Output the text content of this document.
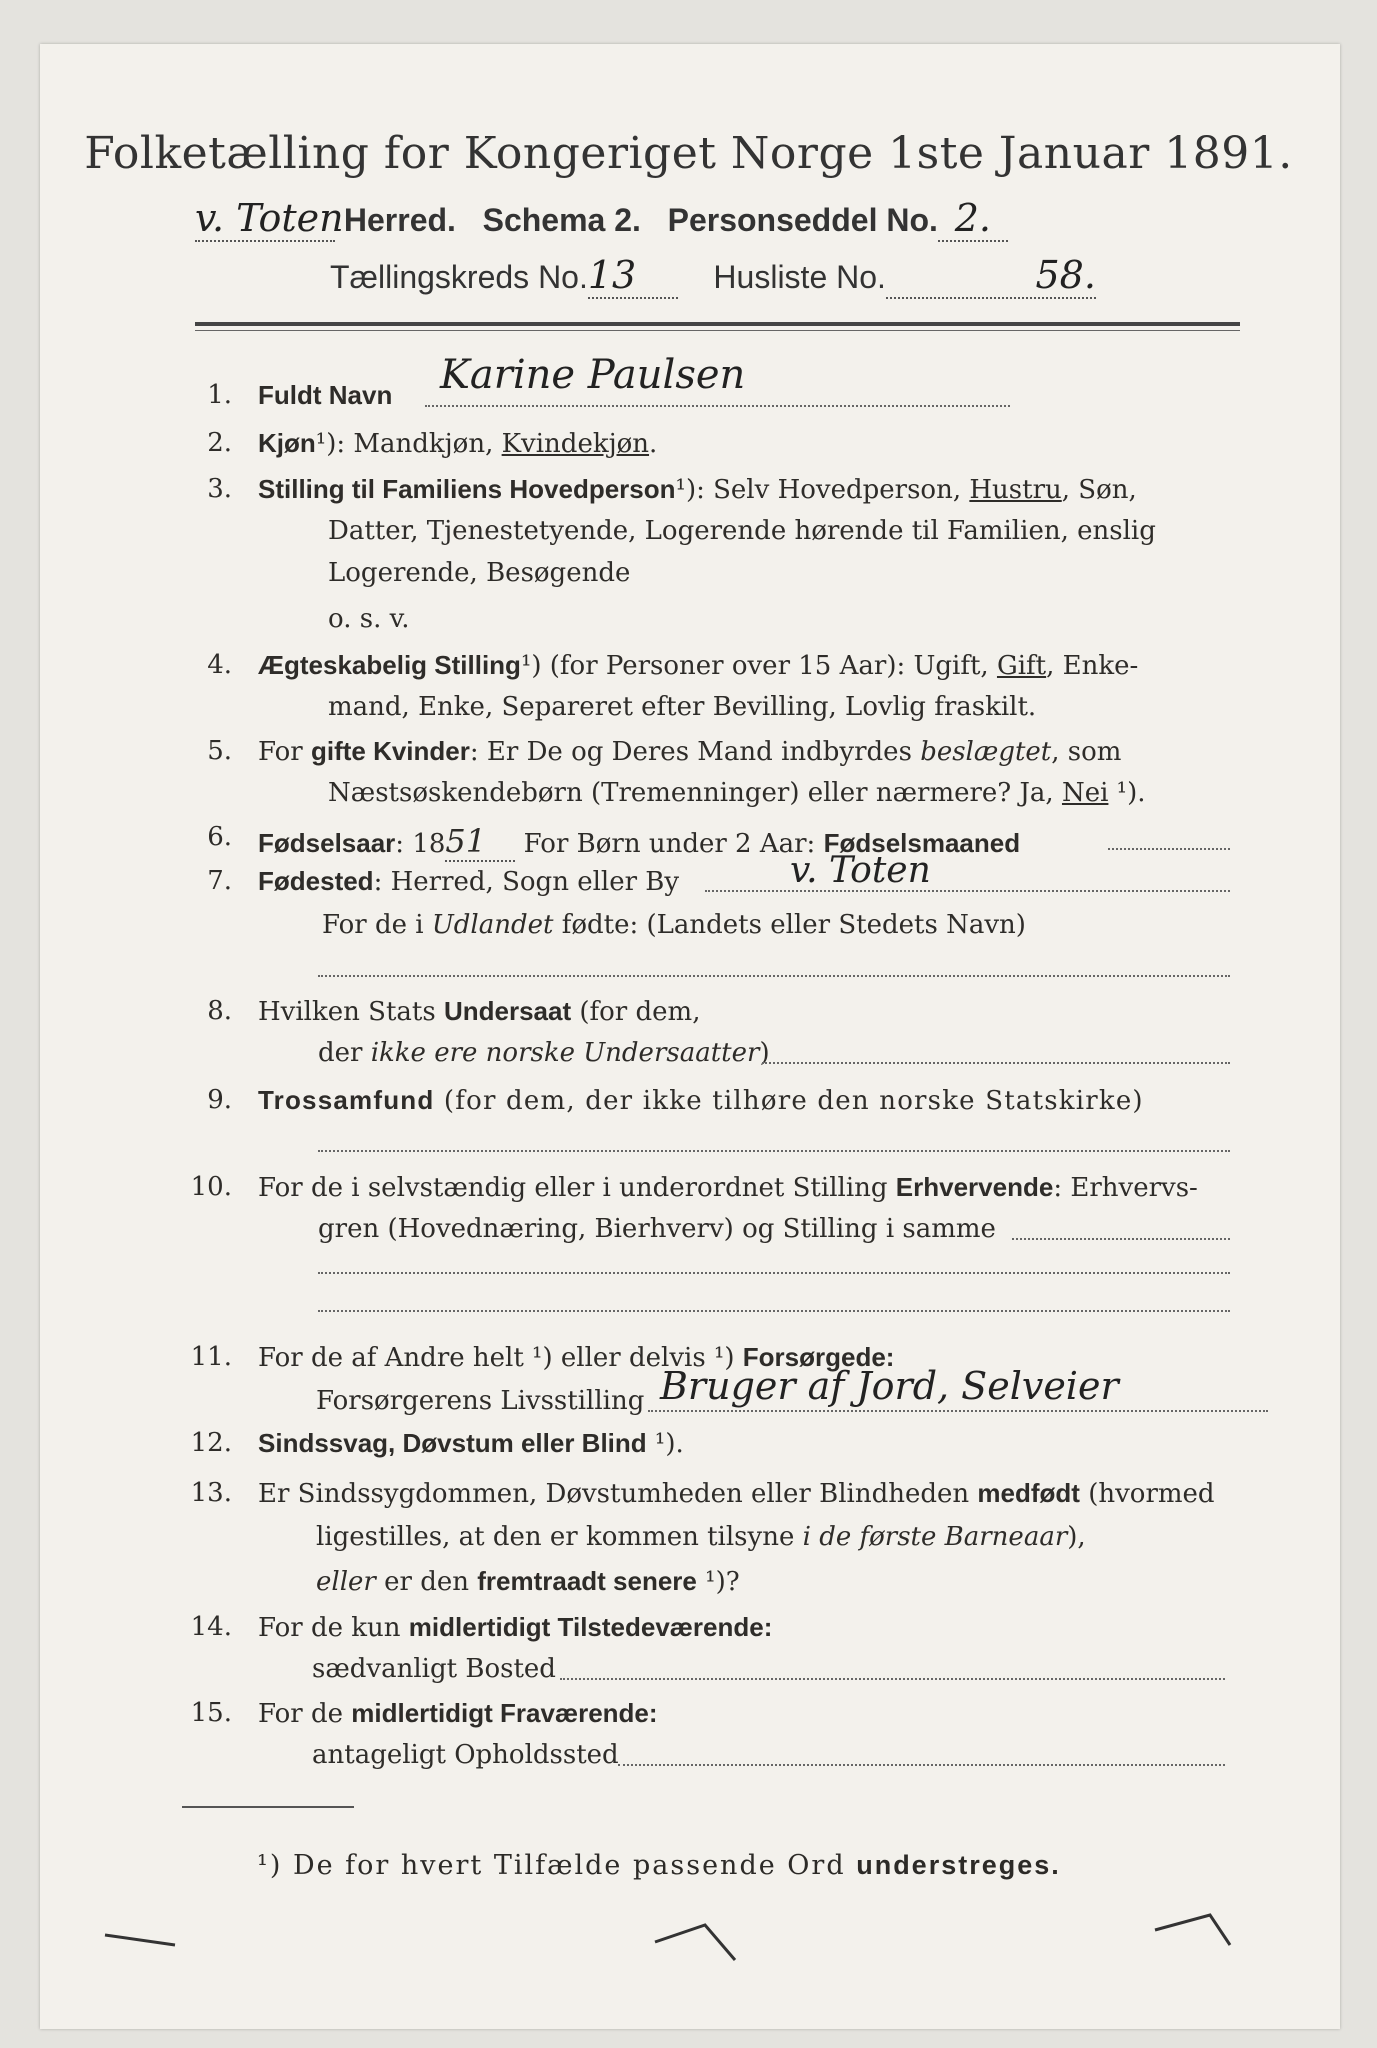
Folketælling for Kongeriget Norge 1ste Januar 1891.
v. Toten Herred. Schema 2. Personseddel No. 2.
Tællingskreds No.13 Husliste No.	58.
1. Fuldt Navn Karine Paulsen
2. Kjøn¹): Mandkjøn, Kvindekjøn.
3. Stilling til Familiens Hovedperson¹): Selv Hovedperson, Hustru, Søn,
Datter, Tjenestetyende, Logerende hørende til Familien, enslig
Logerende, Besøgende
o. s. v.
4. Ægteskabelig Stilling¹) (for Personer over 15 Aar): Ugift, Gift, Enke-
mand, Enke, Separeret efter Bevilling, Lovlig fraskilt.
5. For gifte Kvinder: Er De og Deres Mand indbyrdes beslægtet, som
Næstsøskendebørn (Tremenninger) eller nærmere? Ja, Nei ¹).
6. Fødselsaar: 1851 For Børn under 2 Aar: Fødselsmaaned
7. Fødested: Herred, Sogn eller By	v. Toten
For de i Udlandet fødte: (Landets eller Stedets Navn)
8. Hvilken Stats Undersaat (for dem,
der ikke ere norske Undersaatter)
9. Trossamfund (for dem, der ikke tilhøre den norske Statskirke)
10. For de i selvstændig eller i underordnet Stilling Erhvervende: Erhvervs-
gren (Hovednæring, Bierhverv) og Stilling i samme
11. For de af Andre helt ¹) eller delvis ¹) Forsørgede:
Forsørgerens Livsstilling Bruger af Jord, Selveier
12. Sindssvag, Døvstum eller Blind ¹).
13. Er Sindssygdommen, Døvstumheden eller Blindheden medfødt (hvormed
ligestilles, at den er kommen tilsyne i de første Barneaar),
eller er den fremtraadt senere ¹)?
14. For de kun midlertidigt Tilstedeværende:
sædvanligt Bosted
15. For de midlertidigt Fraværende:
antageligt Opholdssted
¹) De for hvert Tilfælde passende Ord understreges.
